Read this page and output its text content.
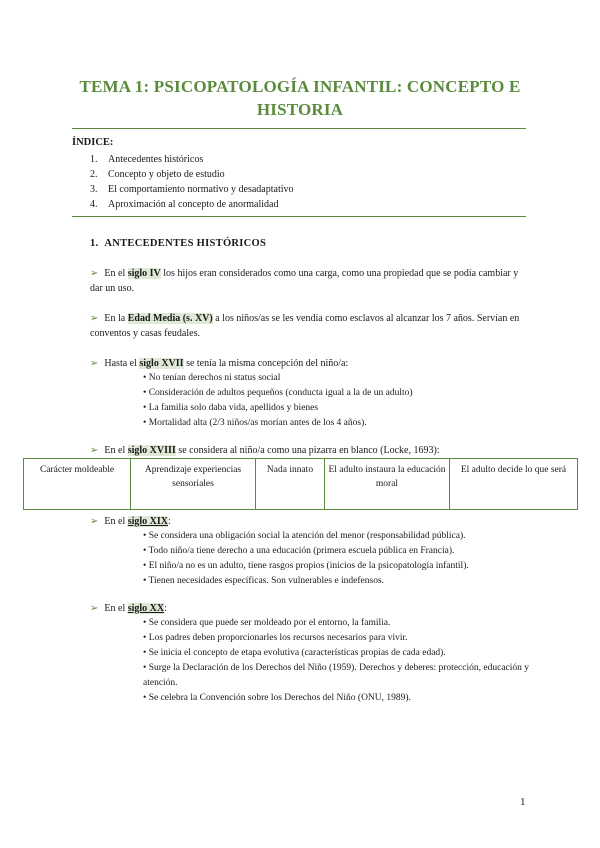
TEMA 1: PSICOPATOLOGÍA INFANTIL: CONCEPTO E HISTORIA
ÍNDICE:
1.	Antecedentes históricos
2.	Concepto y objeto de estudio
3.	El comportamiento normativo y desadaptativo
4.	Aproximación al concepto de anormalidad
1. ANTECEDENTES HISTÓRICOS
➢ En el siglo IV los hijos eran considerados como una carga, como una propiedad que se podía cambiar y dar un uso.
➢ En la Edad Media (s. XV) a los niños/as se les vendía como esclavos al alcanzar los 7 años. Servían en conventos y casas feudales.
➢ Hasta el siglo XVII se tenía la misma concepción del niño/a:
• No tenían derechos ni status social
• Consideración de adultos pequeños (conducta igual a la de un adulto)
• La familia solo daba vida, apellidos y bienes
• Mortalidad alta (2/3 niños/as morían antes de los 4 años).
➢ En el siglo XVIII se considera al niño/a como una pizarra en blanco (Locke, 1693):
Carácter moldeable	Aprendizaje experiencias sensoriales	Nada innato	El adulto instaura la educación moral	El adulto decide lo que será
➢ En el siglo XIX:
• Se considera una obligación social la atención del menor (responsabilidad pública).
• Todo niño/a tiene derecho a una educación (primera escuela pública en Francia).
• El niño/a no es un adulto, tiene rasgos propios (inicios de la psicopatología infantil).
• Tienen necesidades específicas. Son vulnerables e indefensos.
➢ En el siglo XX:
• Se considera que puede ser moldeado por el entorno, la familia.
• Los padres deben proporcionarles los recursos necesarios para vivir.
• Se inicia el concepto de etapa evolutiva (características propias de cada edad).
• Surge la Declaración de los Derechos del Niño (1959). Derechos y deberes: protección, educación y atención.
• Se celebra la Convención sobre los Derechos del Niño (ONU, 1989).
1
